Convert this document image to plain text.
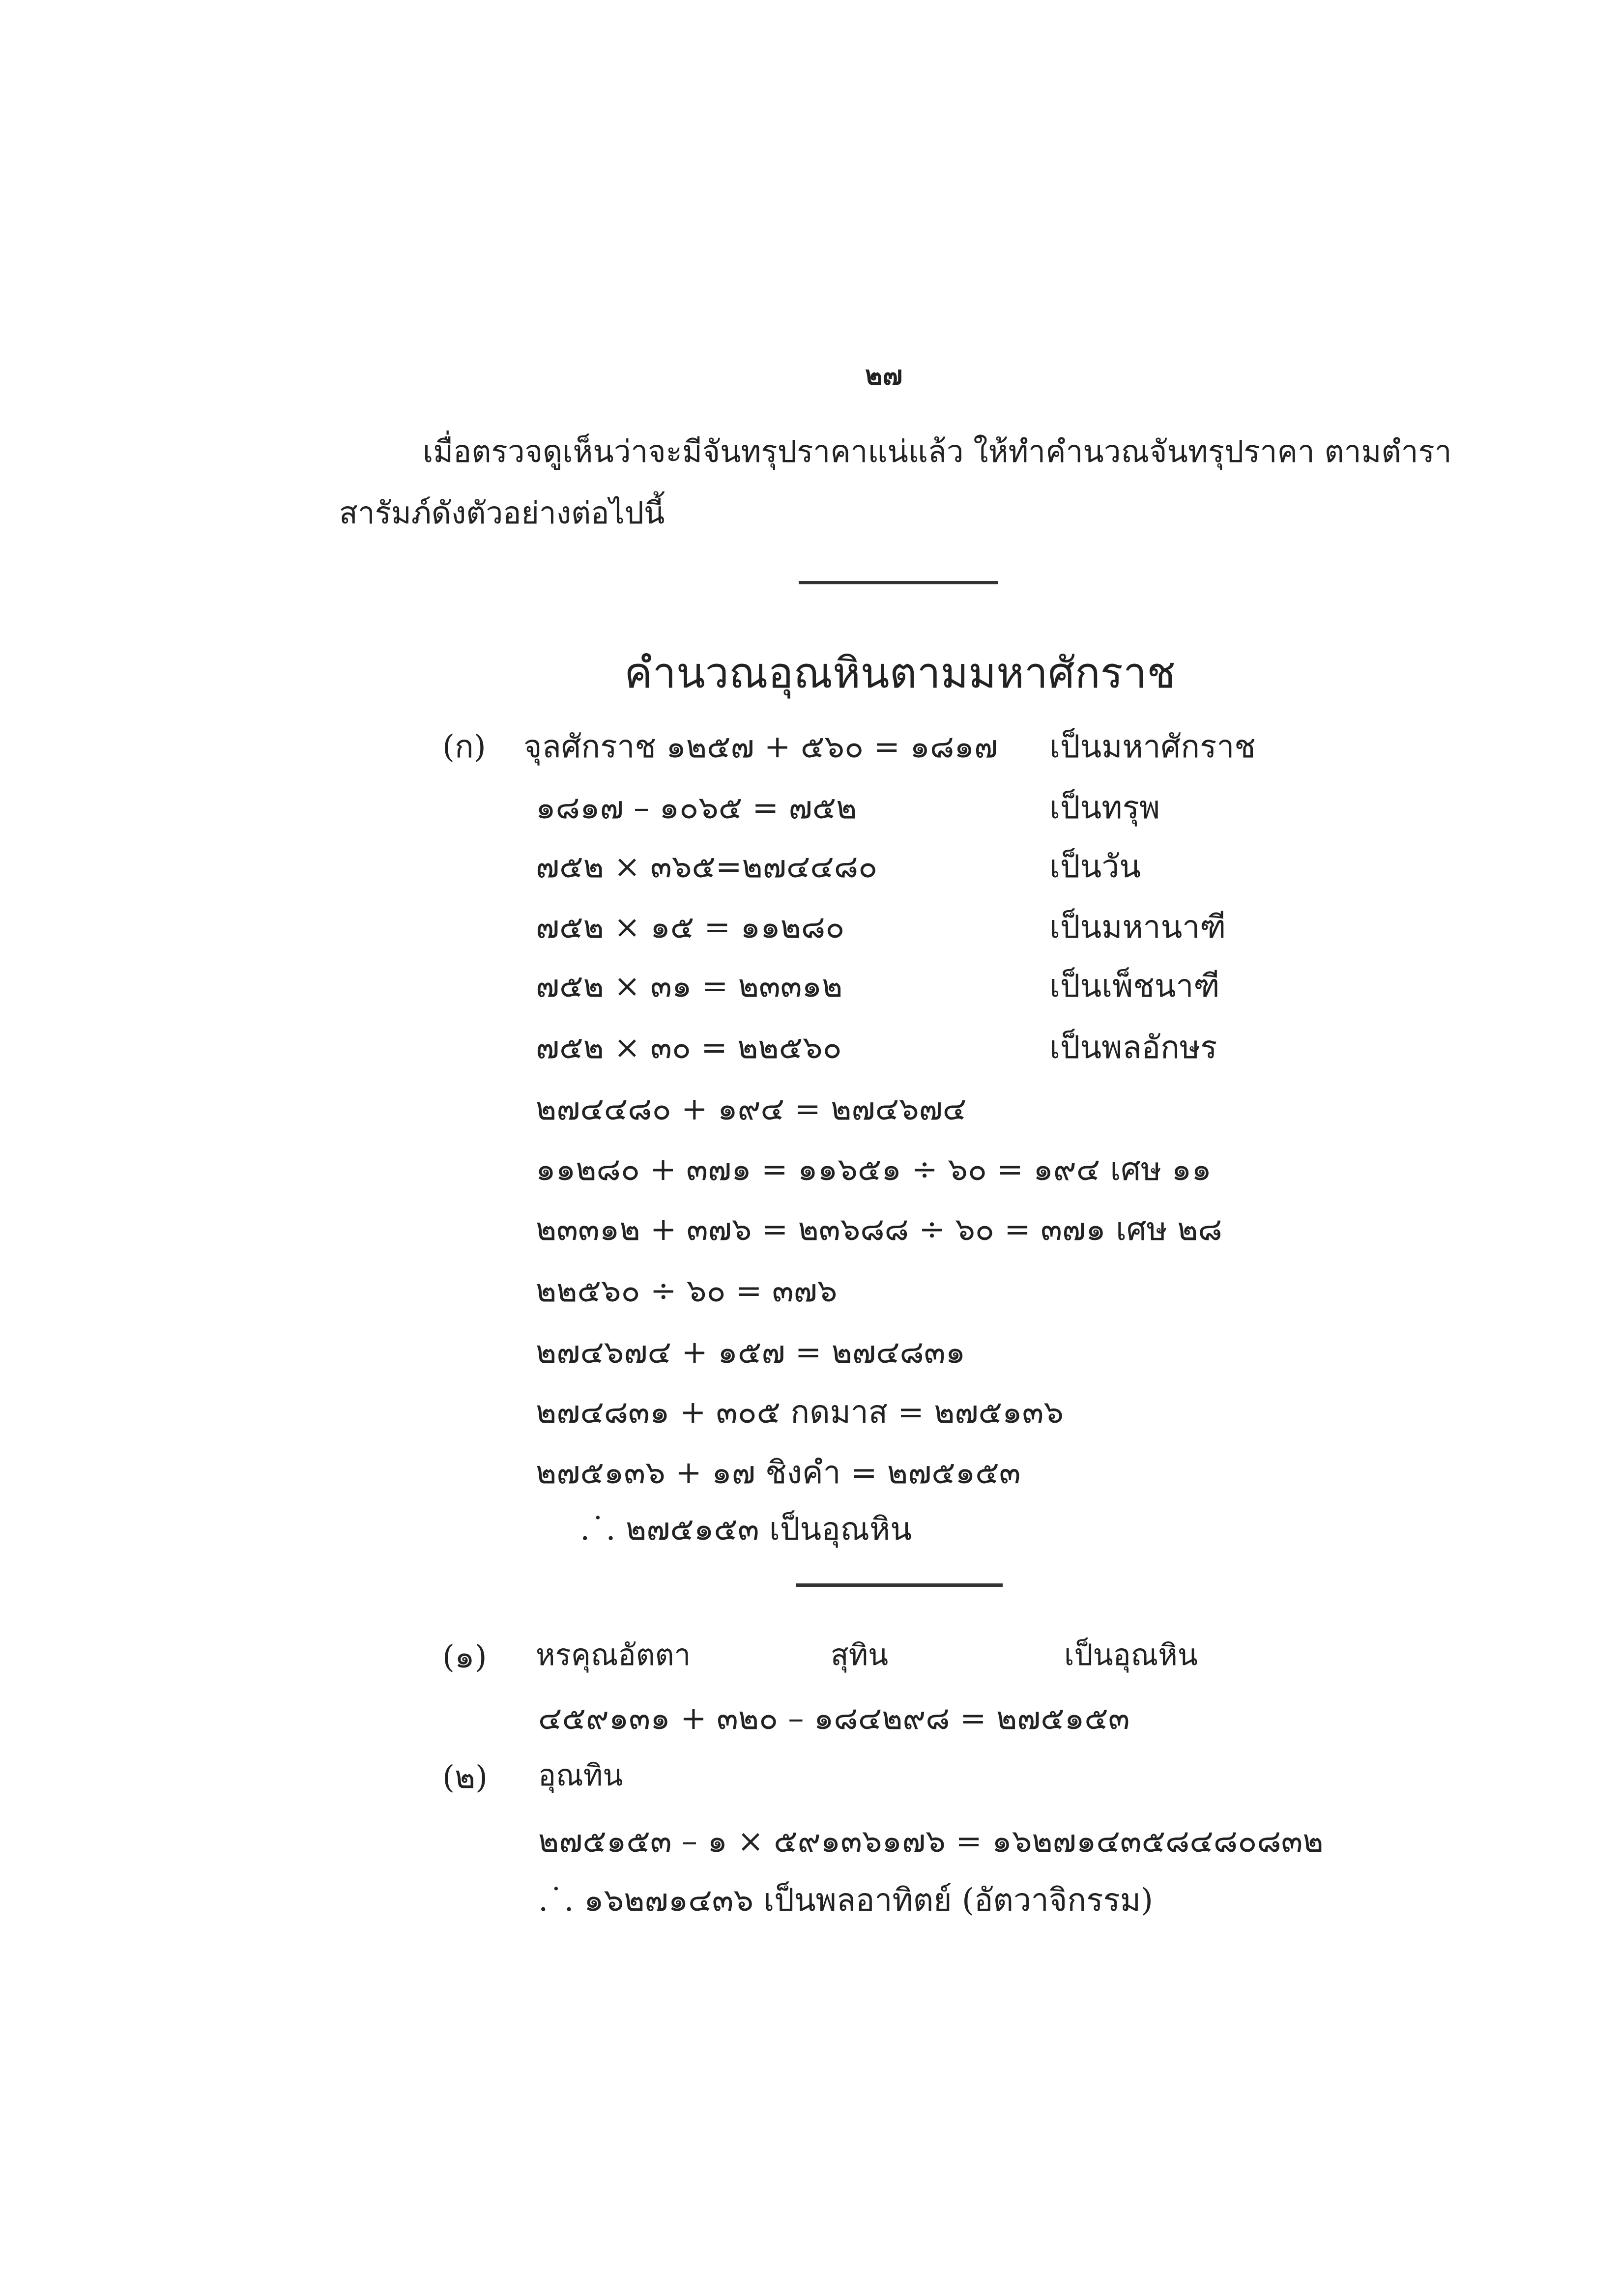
๒๗
เมื่อตรวจดูเห็นว่าจะมีจันทรุปราคาแน่แล้ว ให้ทำคำนวณจันทรุปราคา ตามตำรา
สารัมภ์ดังตัวอย่างต่อไปนี้
คำนวณอุณหินตามมหาศักราช
(ก) จุลศักราช ๑๒๕๗ + ๕๖๐ = ๑๘๑๗ เป็นมหาศักราช
๑๘๑๗ – ๑๐๖๕ = ๗๕๒	เป็นทรุพ
๗๕๒ × ๓๖๕=๒๗๔๔๘๐	เป็นวัน
๗๕๒ × ๑๕ = ๑๑๒๘๐	เป็นมหานาฑี
๗๕๒ × ๓๑ = ๒๓๓๑๒	เป็นเพ็ชนาฑี
๗๕๒ × ๓๐ = ๒๒๕๖๐	เป็นพลอักษร
๒๗๔๔๘๐ + ๑๙๔ = ๒๗๔๖๗๔
๑๑๒๘๐ + ๓๗๑ = ๑๑๖๕๑ ÷ ๖๐ = ๑๙๔ เศษ ๑๑
๒๓๓๑๒ + ๓๗๖ = ๒๓๖๘๘ ÷ ๖๐ = ๓๗๑ เศษ ๒๘
๒๒๕๖๐ ÷ ๖๐ = ๓๗๖
๒๗๔๖๗๔ + ๑๕๗ = ๒๗๔๘๓๑
๒๗๔๘๓๑ + ๓๐๕ กดมาส = ๒๗๕๑๓๖
๒๗๕๑๓๖ + ๑๗ ชิงคำ = ๒๗๕๑๕๓
.˙. ๒๗๕๑๕๓ เป็นอุณหิน
(๑) หรคุณอัตตา	สุทิน	เป็นอุณหิน
๔๕๙๑๓๑ + ๓๒๐ – ๑๘๔๒๙๘ = ๒๗๕๑๕๓
(๒) อุณทิน
๒๗๕๑๕๓ – ๑ × ๕๙๑๓๖๑๗๖ = ๑๖๒๗๑๔๓๕๘๔๘๐๘๓๒
.˙. ๑๖๒๗๑๔๓๖ เป็นพลอาทิตย์ (อัตวาจิกรรม)
